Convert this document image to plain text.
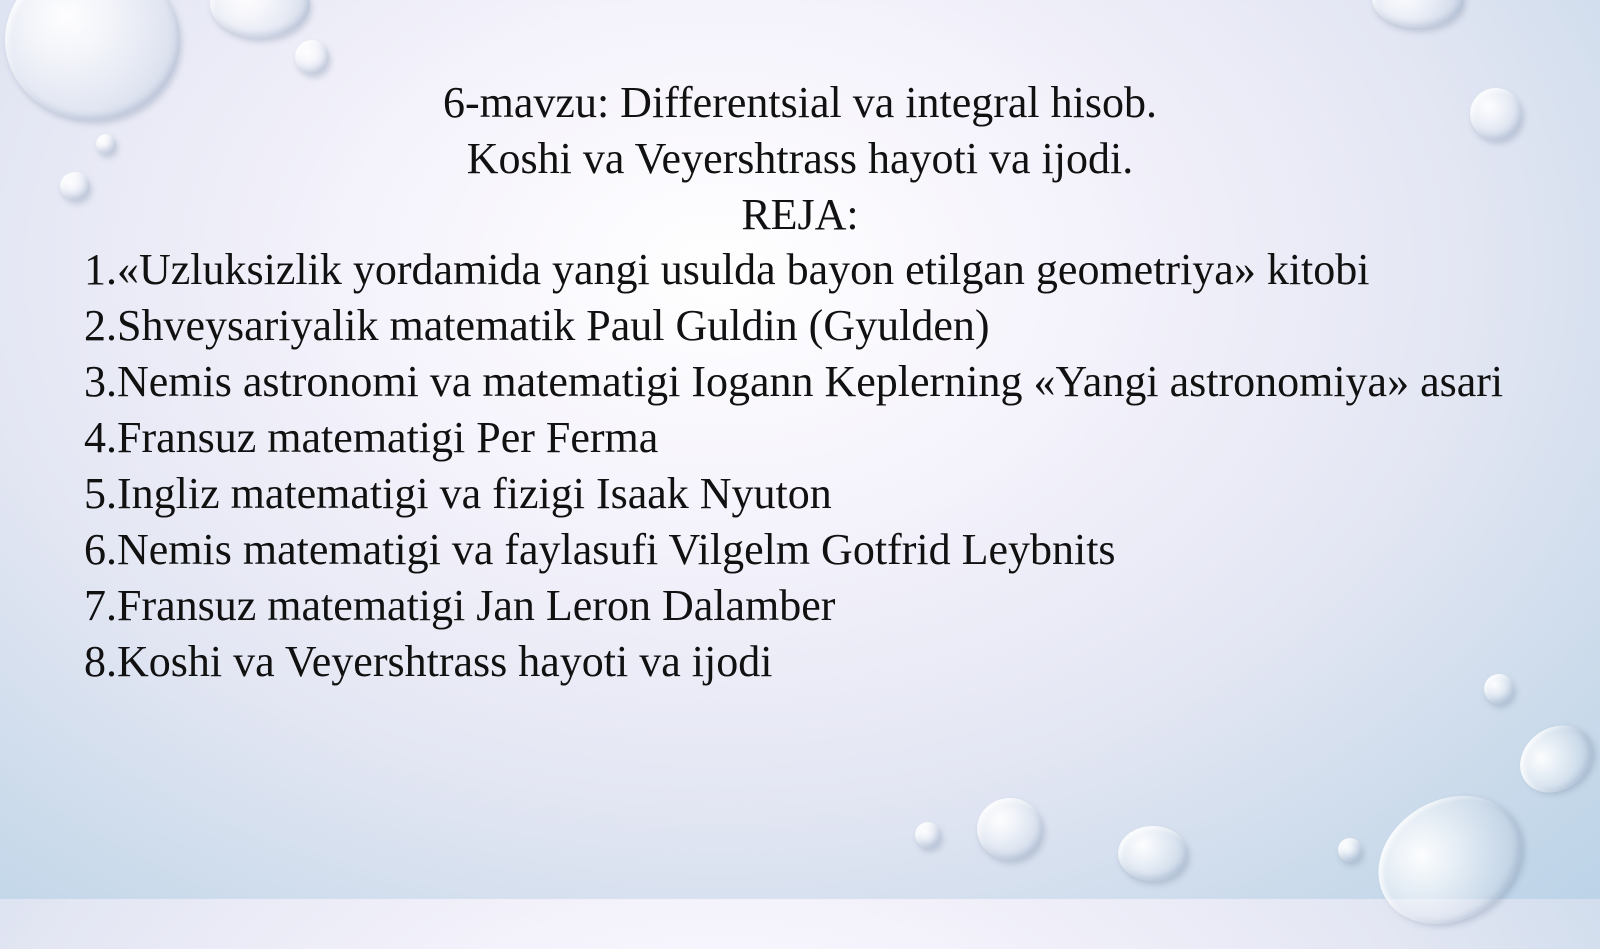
6-mavzu: Differentsial va integral hisob.
Koshi va Veyershtrass hayoti va ijodi.
REJA:
1.«Uzluksizlik yordamida yangi usulda bayon etilgan geometriya» kitobi
2.Shveysariyalik matematik Paul Guldin (Gyulden)
3.Nemis astronomi va matematigi Iogann Keplerning «Yangi astronomiya» asari
4.Fransuz matematigi Per Ferma
5.Ingliz matematigi va fizigi Isaak Nyuton
6.Nemis matematigi va faylasufi Vilgelm Gotfrid Leybnits
7.Fransuz matematigi Jan Leron Dalamber
8.Koshi va Veyershtrass hayoti va ijodi
